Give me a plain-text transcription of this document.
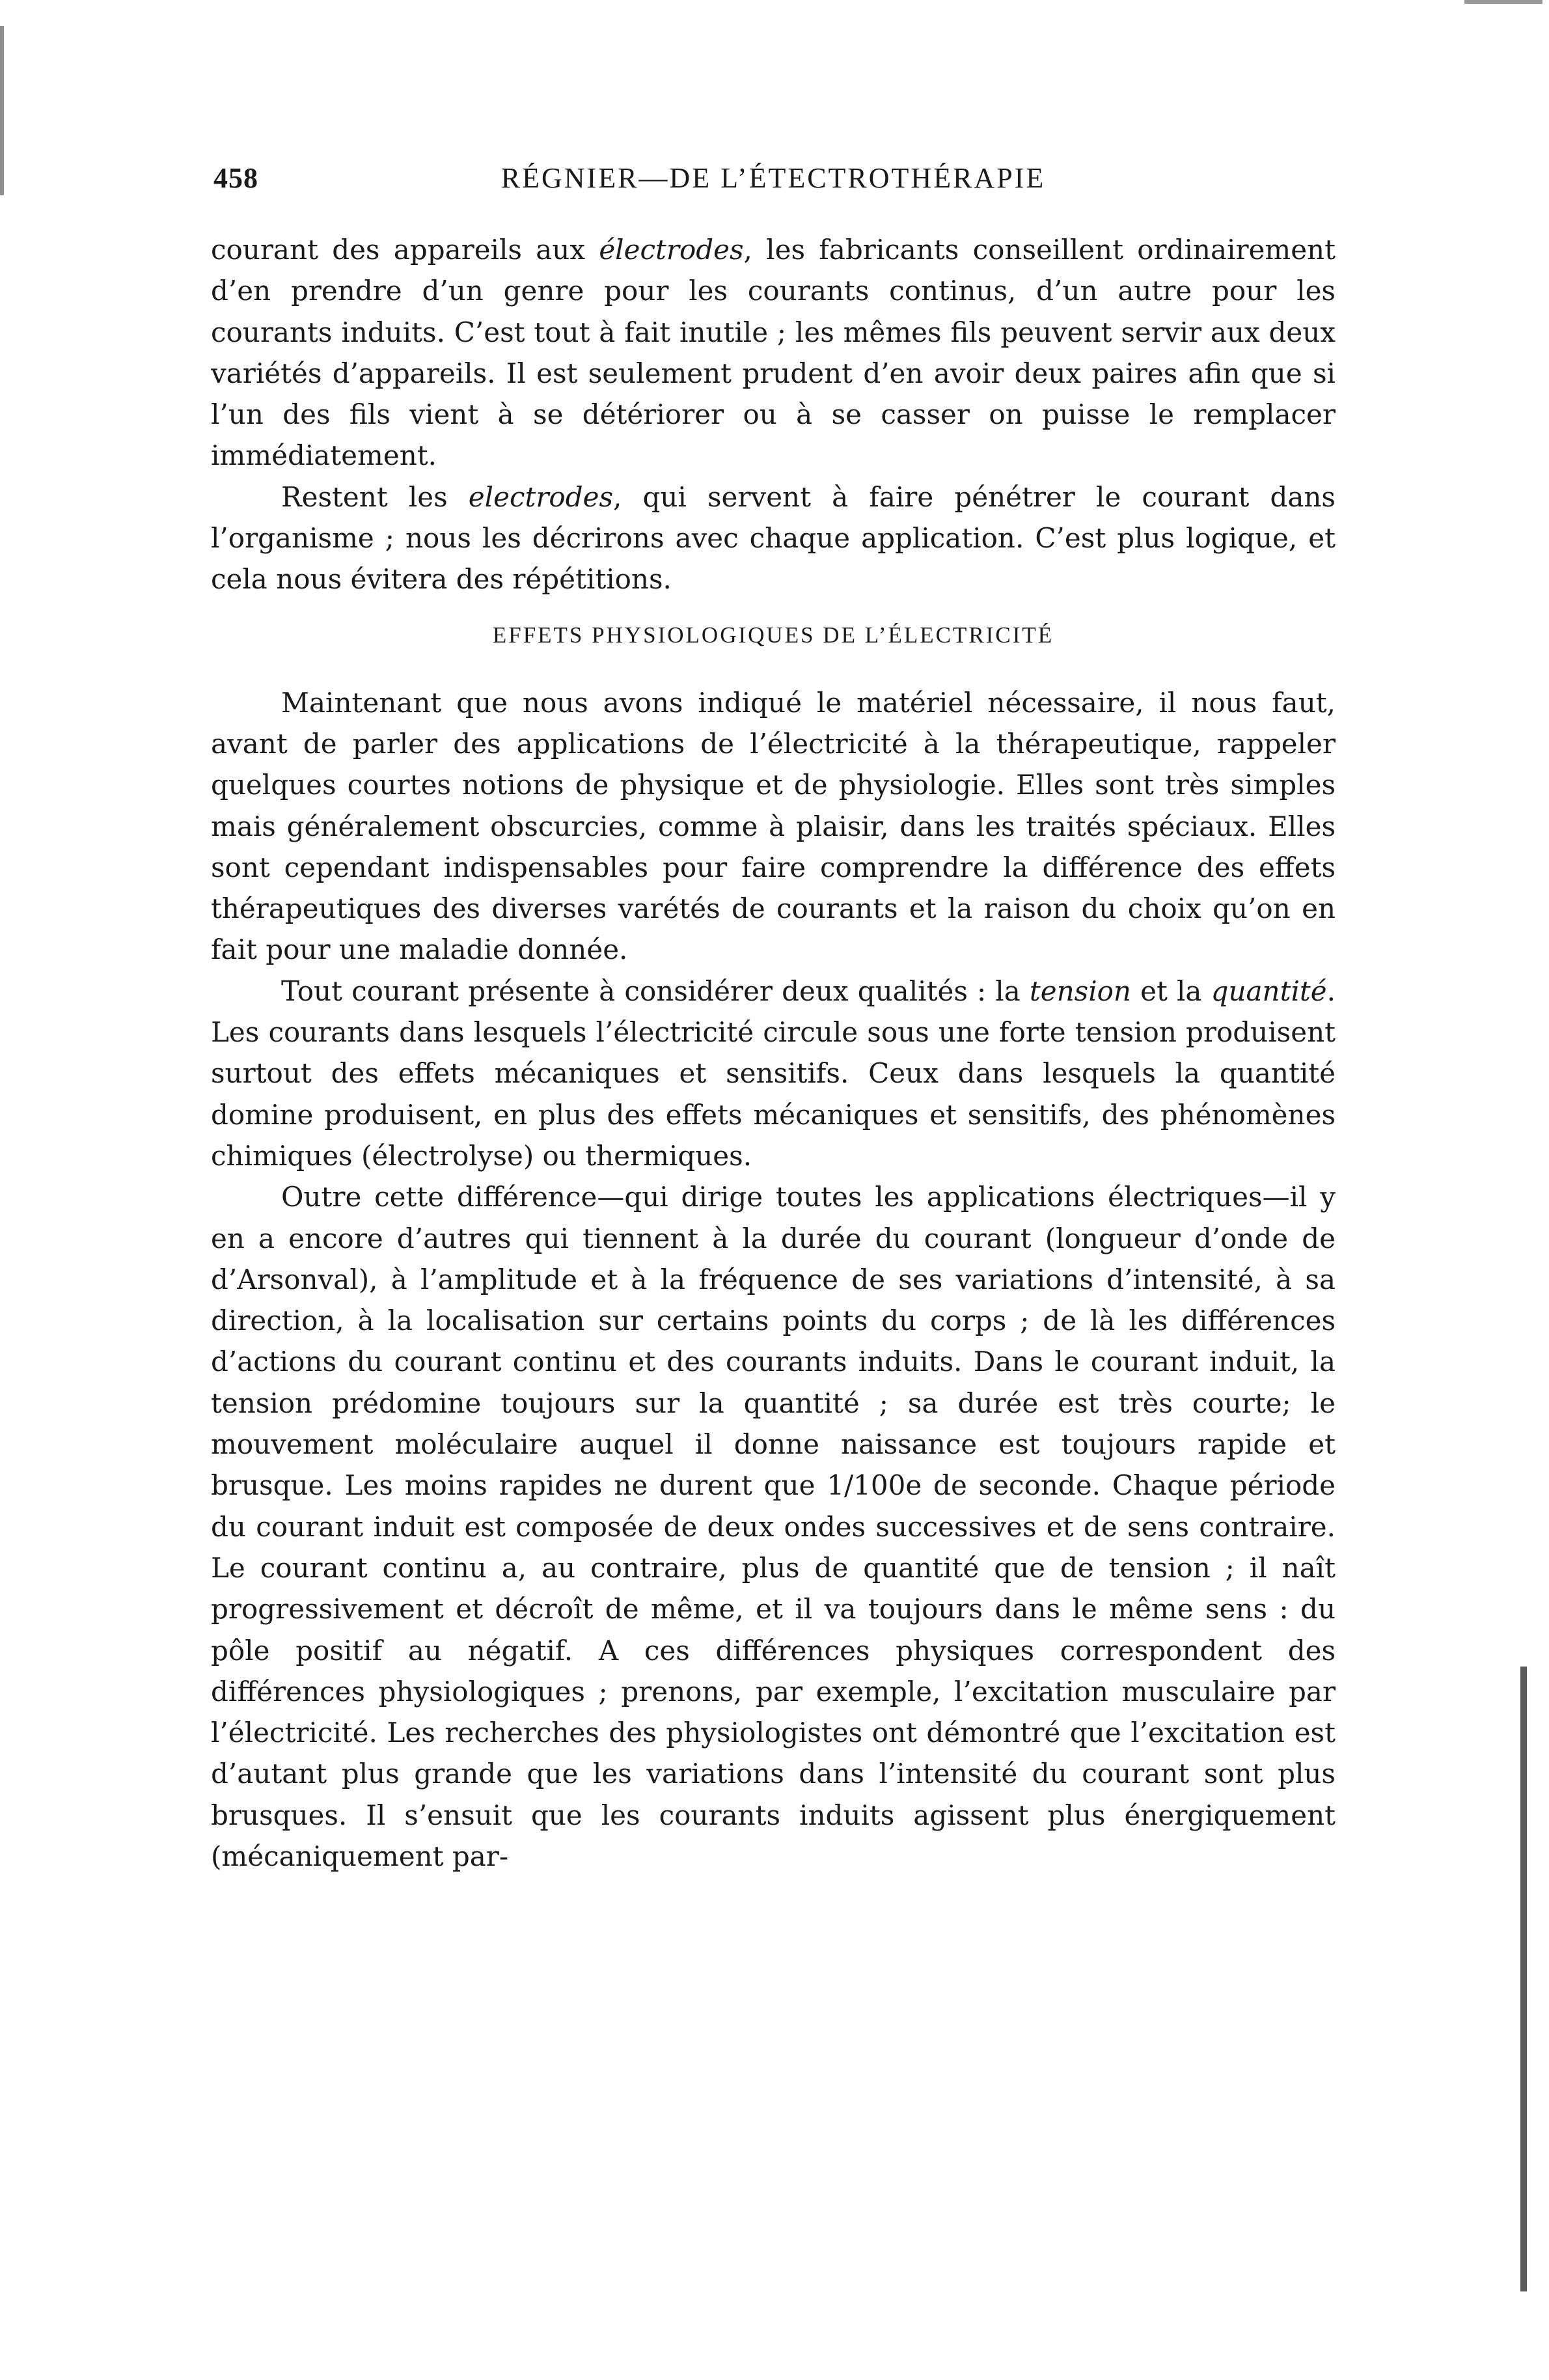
458	RÉGNIER—DE L’ÉTECTROTHÉRAPIE

courant des appareils aux électrodes, les fabricants conseillent ordinairement d’en prendre d’un genre pour les courants continus, d’un autre pour les courants induits. C’est tout à fait inutile ; les mêmes fils peuvent servir aux deux variétés d’appareils. Il est seulement prudent d’en avoir deux paires afin que si l’un des fils vient à se détériorer ou à se casser on puisse le remplacer immédiatement.

Restent les electrodes, qui servent à faire pénétrer le courant dans l’organisme ; nous les décrirons avec chaque application. C’est plus logique, et cela nous évitera des répétitions.

EFFETS PHYSIOLOGIQUES DE L’ÉLECTRICITÉ

Maintenant que nous avons indiqué le matériel nécessaire, il nous faut, avant de parler des applications de l’électricité à la thérapeutique, rappeler quelques courtes notions de physique et de physiologie. Elles sont très simples mais généralement obscurcies, comme à plaisir, dans les traités spéciaux. Elles sont cependant indispensables pour faire comprendre la différence des effets thérapeutiques des diverses varétés de courants et la raison du choix qu’on en fait pour une maladie donnée.

Tout courant présente à considérer deux qualités : la tension et la quantité. Les courants dans lesquels l’électricité circule sous une forte tension produisent surtout des effets mécaniques et sensitifs. Ceux dans lesquels la quantité domine produisent, en plus des effets mécaniques et sensitifs, des phénomènes chimiques (électrolyse) ou thermiques.

Outre cette différence—qui dirige toutes les applications électriques—il y en a encore d’autres qui tiennent à la durée du courant (longueur d’onde de d’Arsonval), à l’amplitude et à la fréquence de ses variations d’intensité, à sa direction, à la localisation sur certains points du corps ; de là les différences d’actions du courant continu et des courants induits. Dans le courant induit, la tension prédomine toujours sur la quantité ; sa durée est très courte; le mouvement moléculaire auquel il donne naissance est toujours rapide et brusque. Les moins rapides ne durent que 1/100e de seconde. Chaque période du courant induit est composée de deux ondes successives et de sens contraire. Le courant continu a, au contraire, plus de quantité que de tension ; il naît progressivement et décroît de même, et il va toujours dans le même sens : du pôle positif au négatif. A ces différences physiques correspondent des différences physiologiques ; prenons, par exemple, l’excitation musculaire par l’électricité. Les recherches des physiologistes ont démontré que l’excitation est d’autant plus grande que les variations dans l’intensité du courant sont plus brusques. Il s’ensuit que les courants induits agissent plus énergiquement (mécaniquement par-
